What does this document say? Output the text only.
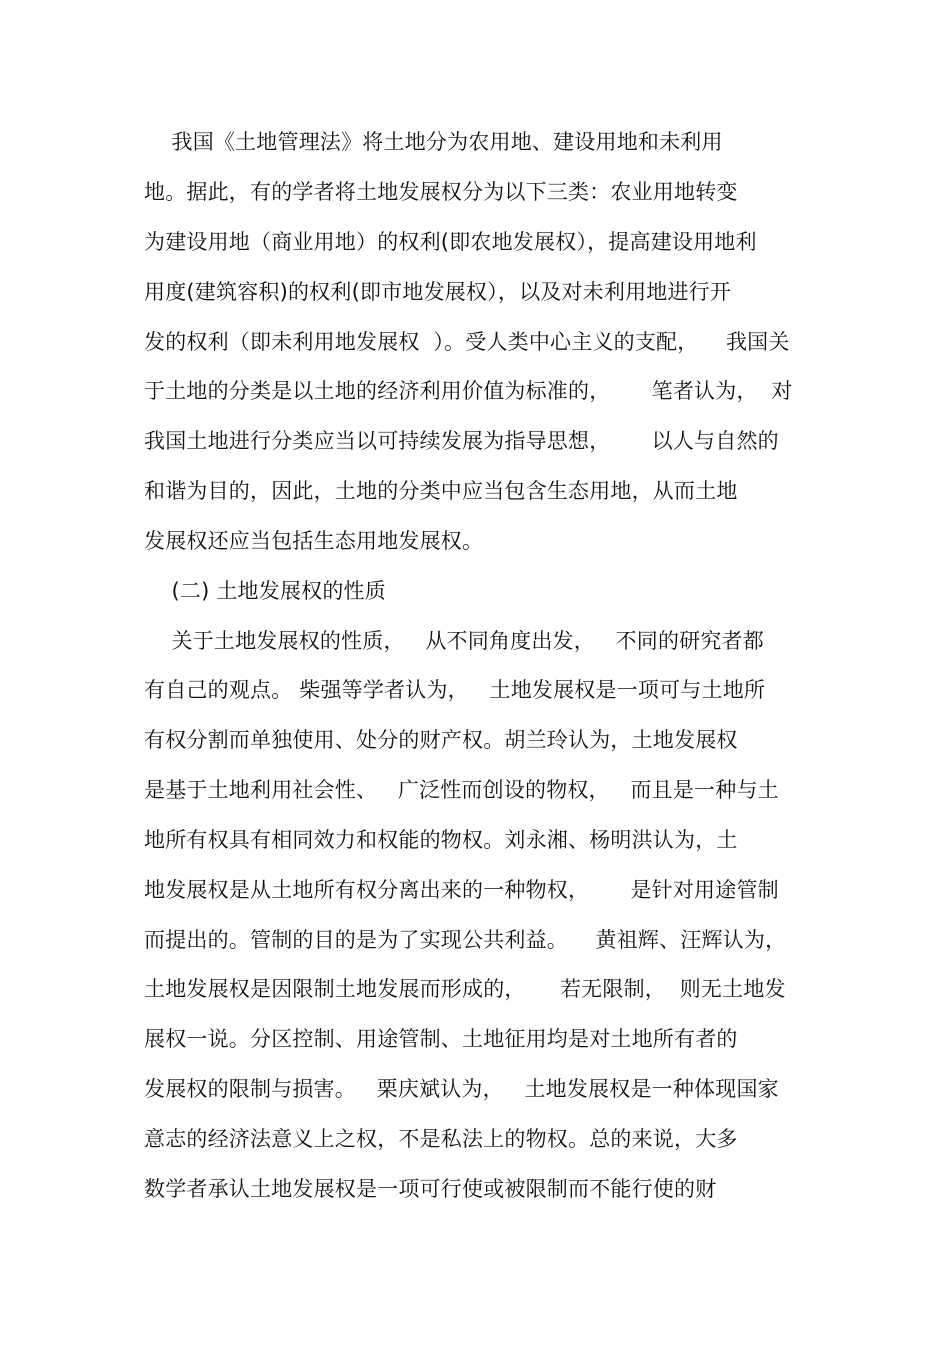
我国《土地管理法》将土地分为农用地、建设用地和未利用
地。据此，有的学者将土地发展权分为以下三类：农业用地转变
为建设用地（商业用地）的权利(即农地发展权），提高建设用地利
用度(建筑容积)的权利(即市地发展权），以及对未利用地进行开
发的权利（即未利用地发展权  ）。受人类中心主义的支配，    我国关
于土地的分类是以土地的经济利用价值为标准的，      笔者认为，  对
我国土地进行分类应当以可持续发展为指导思想，      以人与自然的
和谐为目的，因此，土地的分类中应当包含生态用地，从而土地
发展权还应当包括生态用地发展权。
(二) 土地发展权的性质
关于土地发展权的性质，   从不同角度出发，   不同的研究者都
有自己的观点。 柴强等学者认为，   土地发展权是一项可与土地所
有权分割而单独使用、处分的财产权。胡兰玲认为，土地发展权
是基于土地利用社会性、   广泛性而创设的物权，   而且是一种与土
地所有权具有相同效力和权能的物权。刘永湘、杨明洪认为，土
地发展权是从土地所有权分离出来的一种物权，      是针对用途管制
而提出的。管制的目的是为了实现公共利益。    黄祖辉、汪辉认为，
土地发展权是因限制土地发展而形成的，     若无限制，  则无土地发
展权一说。分区控制、用途管制、土地征用均是对土地所有者的
发展权的限制与损害。   栗庆斌认为，   土地发展权是一种体现国家
意志的经济法意义上之权，不是私法上的物权。总的来说，大多
数学者承认土地发展权是一项可行使或被限制而不能行使的财
